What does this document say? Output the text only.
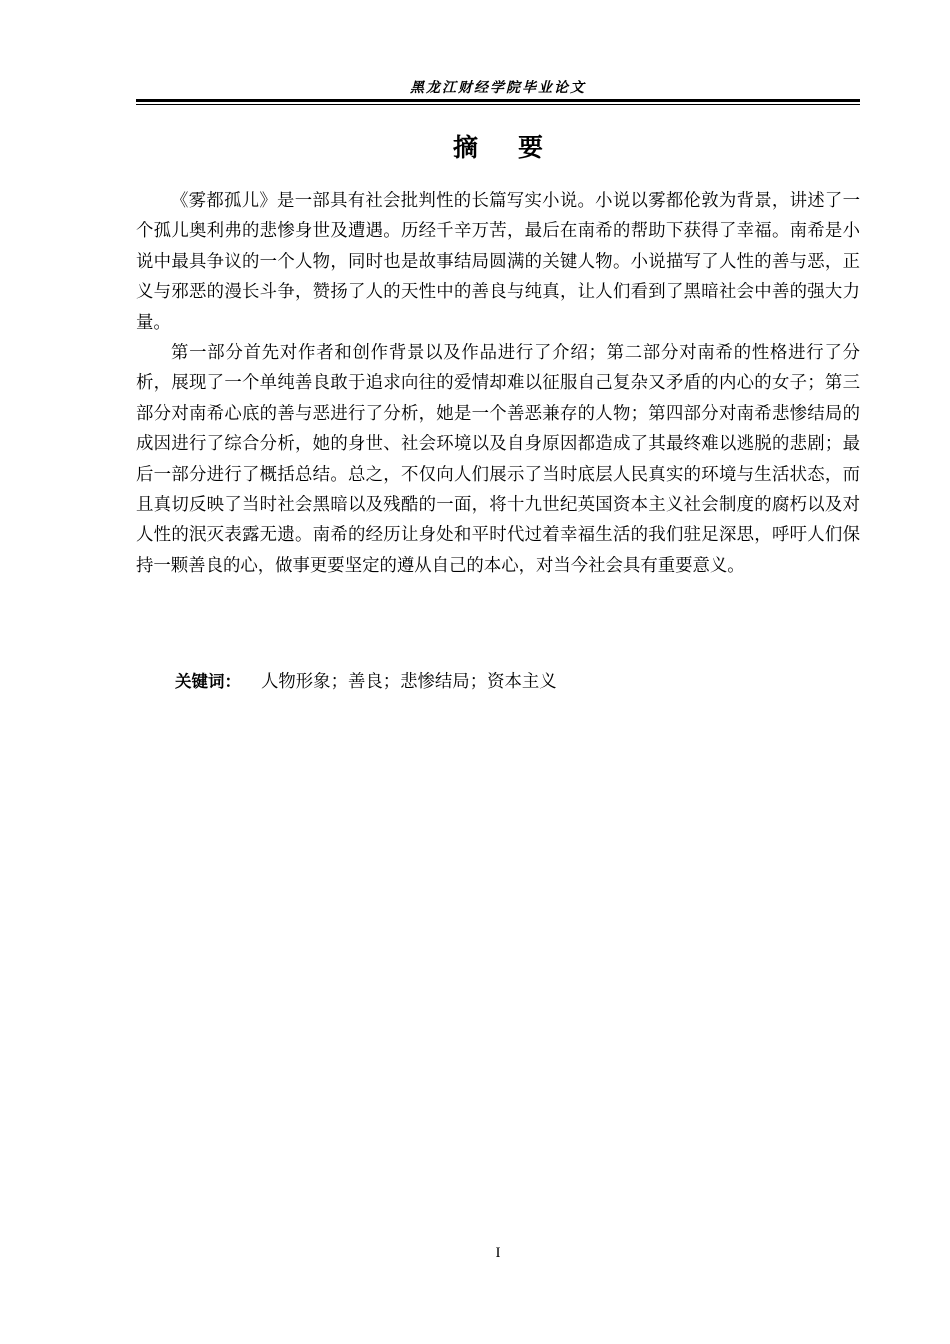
黑龙江财经学院毕业论文
摘要

《雾都孤儿》是一部具有社会批判性的长篇写实小说。小说以雾都伦敦为背景，讲述了一个孤儿奥利弗的悲惨身世及遭遇。历经千辛万苦，最后在南希的帮助下获得了幸福。南希是小说中最具争议的一个人物，同时也是故事结局圆满的关键人物。小说描写了人性的善与恶，正义与邪恶的漫长斗争，赞扬了人的天性中的善良与纯真，让人们看到了黑暗社会中善的强大力量。

第一部分首先对作者和创作背景以及作品进行了介绍；第二部分对南希的性格进行了分析，展现了一个单纯善良敢于追求向往的爱情却难以征服自己复杂又矛盾的内心的女子；第三部分对南希心底的善与恶进行了分析，她是一个善恶兼存的人物；第四部分对南希悲惨结局的成因进行了综合分析，她的身世、社会环境以及自身原因都造成了其最终难以逃脱的悲剧；最后一部分进行了概括总结。总之，不仅向人们展示了当时底层人民真实的环境与生活状态，而且真切反映了当时社会黑暗以及残酷的一面，将十九世纪英国资本主义社会制度的腐朽以及对人性的泯灭表露无遗。南希的经历让身处和平时代过着幸福生活的我们驻足深思，呼吁人们保持一颗善良的心，做事更要坚定的遵从自己的本心，对当今社会具有重要意义。

关键词： 人物形象；善良；悲惨结局；资本主义
I
